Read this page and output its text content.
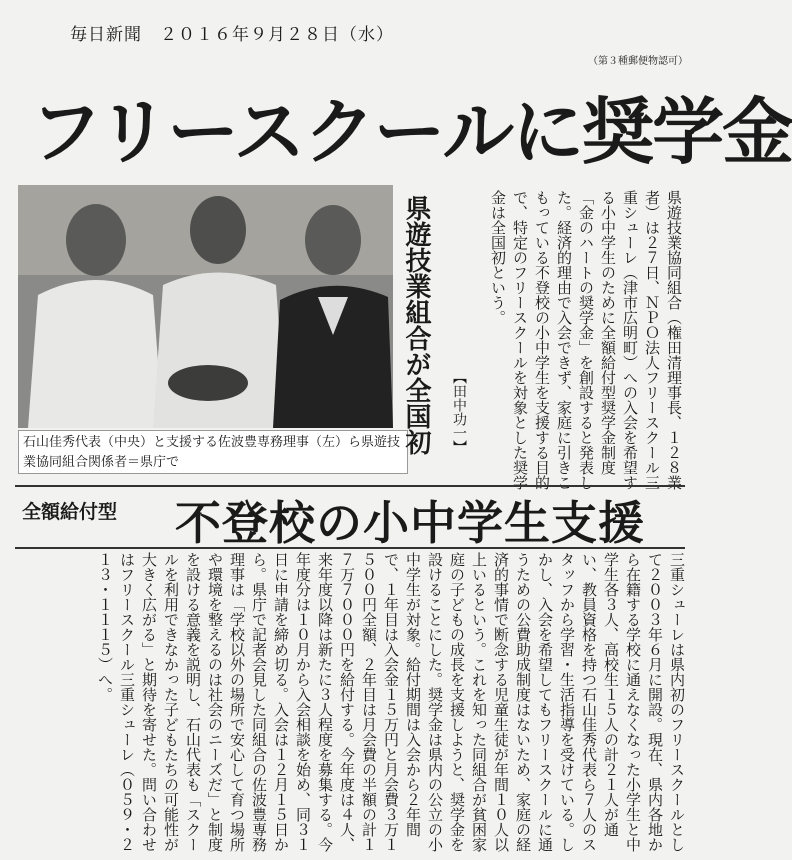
毎日新聞　２０１６年９月２８日（水）
（第３種郵便物認可）
フリースクールに奨学金
石山佳秀代表（中央）と支援する佐波豊専務理事（左）ら県遊技業協同組合関係者＝県庁で
県遊技業組合が全国初 【田中功一】	県遊技業協同組合（権田清理事長、１２８業者）は２７日、ＮＰＯ法人フリースクール三重シューレ（津市広明町）への入会を希望する小中学生のために全額給付型奨学金制度「金のハートの奨学金」を創設すると発表した。経済的理由で入会できず、家庭に引きこもっている不登校の小中学生を支援する目的で、特定のフリースクールを対象とした奨学金は全国初という。
全額給付型 不登校の小中学生支援
三重シューレは県内初のフリースクールとして２００３年６月に開設。現在、県内各地から在籍する学校に通えなくなった小学生と中学生各３人、高校生１５人の計２１人が通い、教員資格を持つ石山佳秀代表ら７人のスタッフから学習・生活指導を受けている。しかし、入会を希望してもフリースクールに通うための公費助成制度はないため、家庭の経済的事情で断念する児童生徒が年間１０人以上いるという。これを知った同組合が貧困家庭の子どもの成長を支援しようと、奨学金を設けることにした。奨学金は県内の公立の小中学生が対象。給付期間は入会から２年間で、１年目は入会金１５万円と月会費３万１５００円全額、２年目は月会費の半額の計１７万７０００円を給付する。今年度は４人、来年度以降は新たに３人程度を募集する。今年度分は１０月から入会相談を始め、同３１日に申請を締め切る。入会は１２月１５日から。県庁で記者会見した同組合の佐波豊専務理事は「学校以外の場所で安心して育つ場所や環境を整えるのは社会のニーズだ」と制度を設ける意義を説明し、石山代表も「スクールを利用できなかった子どもたちの可能性が大きく広がる」と期待を寄せた。問い合わせはフリースクール三重シューレ（０５９・２１３・１１１５）へ。
